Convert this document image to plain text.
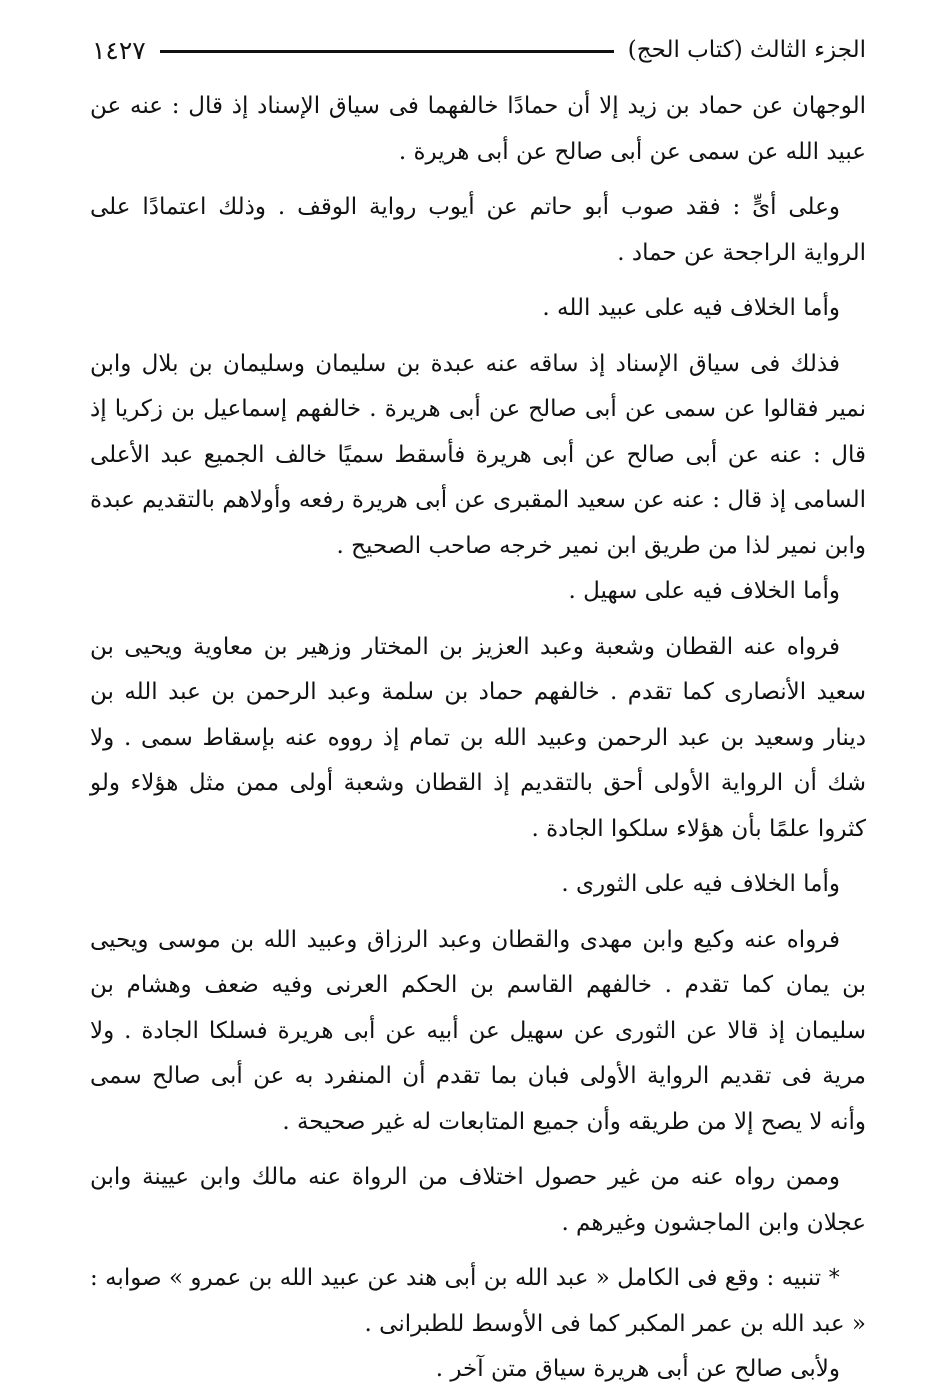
الجزء الثالث (كتاب الحج)
١٤٢٧

الوجهان عن حماد بن زيد إلا أن حمادًا خالفهما فى سياق الإسناد إذ قال : عنه عن عبيد الله عن سمى عن أبى صالح عن أبى هريرة .

وعلى أىٍّ : فقد صوب أبو حاتم عن أيوب رواية الوقف . وذلك اعتمادًا على الرواية الراجحة عن حماد .

وأما الخلاف فيه على عبيد الله .

فذلك فى سياق الإسناد إذ ساقه عنه عبدة بن سليمان وسليمان بن بلال وابن نمير فقالوا عن سمى عن أبى صالح عن أبى هريرة . خالفهم إسماعيل بن زكريا إذ قال : عنه عن أبى صالح عن أبى هريرة فأسقط سميًا خالف الجميع عبد الأعلى السامى إذ قال : عنه عن سعيد المقبرى عن أبى هريرة رفعه وأولاهم بالتقديم عبدة وابن نمير لذا من طريق ابن نمير خرجه صاحب الصحيح .

وأما الخلاف فيه على سهيل .

فرواه عنه القطان وشعبة وعبد العزيز بن المختار وزهير بن معاوية ويحيى بن سعيد الأنصارى كما تقدم . خالفهم حماد بن سلمة وعبد الرحمن بن عبد الله بن دينار وسعيد بن عبد الرحمن وعبيد الله بن تمام إذ رووه عنه بإسقاط سمى . ولا شك أن الرواية الأولى أحق بالتقديم إذ القطان وشعبة أولى ممن مثل هؤلاء ولو كثروا علمًا بأن هؤلاء سلكوا الجادة .

وأما الخلاف فيه على الثورى .

فرواه عنه وكيع وابن مهدى والقطان وعبد الرزاق وعبيد الله بن موسى ويحيى بن يمان كما تقدم . خالفهم القاسم بن الحكم العرنى وفيه ضعف وهشام بن سليمان إذ قالا عن الثورى عن سهيل عن أبيه عن أبى هريرة فسلكا الجادة . ولا مرية فى تقديم الرواية الأولى فبان بما تقدم أن المنفرد به عن أبى صالح سمى وأنه لا يصح إلا من طريقه وأن جميع المتابعات له غير صحيحة .

وممن رواه عنه من غير حصول اختلاف من الرواة عنه مالك وابن عيينة وابن عجلان وابن الماجشون وغيرهم .

* تنبيه : وقع فى الكامل « عبد الله بن أبى هند عن عبيد الله بن عمرو » صوابه : « عبد الله بن عمر المكبر كما فى الأوسط للطبرانى .

ولأبى صالح عن أبى هريرة سياق متن آخر .
